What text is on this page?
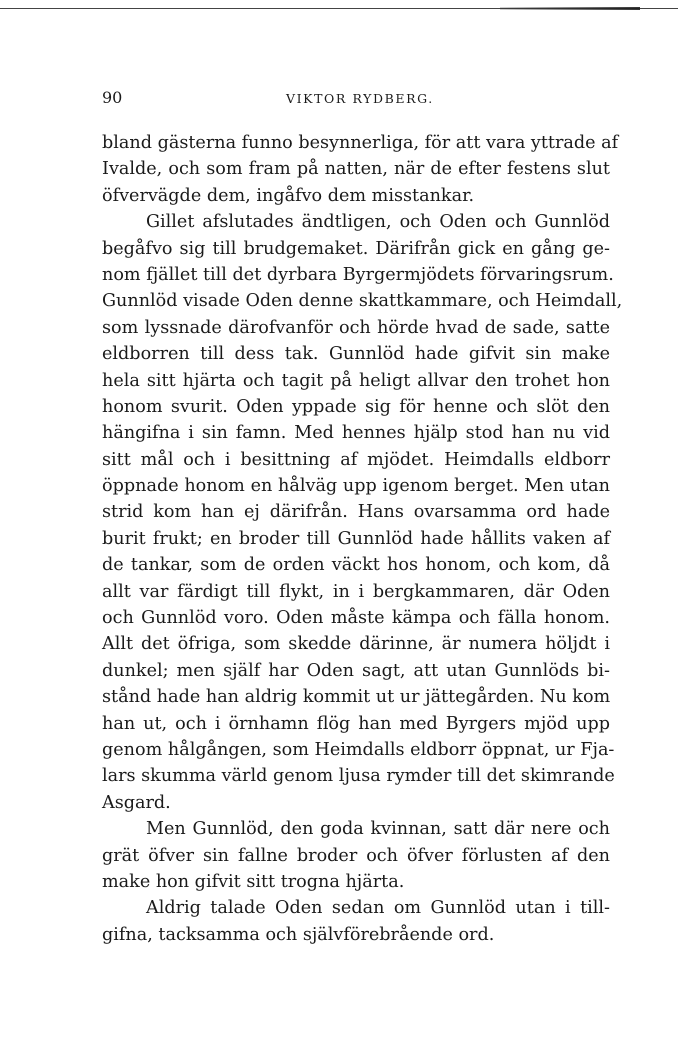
90	VIKTOR RYDBERG.
bland gästerna funno besynnerliga, för att vara yttrade af
Ivalde, och som fram på natten, när de efter festens slut
öfvervägde dem, ingåfvo dem misstankar.
Gillet afslutades ändtligen, och Oden och Gunnlöd
begåfvo sig till brudgemaket. Därifrån gick en gång ge-
nom fjället till det dyrbara Byrgermjödets förvaringsrum.
Gunnlöd visade Oden denne skattkammare, och Heimdall,
som lyssnade därofvanför och hörde hvad de sade, satte
eldborren till dess tak. Gunnlöd hade gifvit sin make
hela sitt hjärta och tagit på heligt allvar den trohet hon
honom svurit. Oden yppade sig för henne och slöt den
hängifna i sin famn. Med hennes hjälp stod han nu vid
sitt mål och i besittning af mjödet. Heimdalls eldborr
öppnade honom en hålväg upp igenom berget. Men utan
strid kom han ej därifrån. Hans ovarsamma ord hade
burit frukt; en broder till Gunnlöd hade hållits vaken af
de tankar, som de orden väckt hos honom, och kom, då
allt var färdigt till flykt, in i bergkammaren, där Oden
och Gunnlöd voro. Oden måste kämpa och fälla honom.
Allt det öfriga, som skedde därinne, är numera höljdt i
dunkel; men själf har Oden sagt, att utan Gunnlöds bi-
stånd hade han aldrig kommit ut ur jättegården. Nu kom
han ut, och i örnhamn flög han med Byrgers mjöd upp
genom hålgången, som Heimdalls eldborr öppnat, ur Fja-
lars skumma värld genom ljusa rymder till det skimrande
Asgard.
Men Gunnlöd, den goda kvinnan, satt där nere och
grät öfver sin fallne broder och öfver förlusten af den
make hon gifvit sitt trogna hjärta.
Aldrig talade Oden sedan om Gunnlöd utan i till-
gifna, tacksamma och självförebrående ord.
